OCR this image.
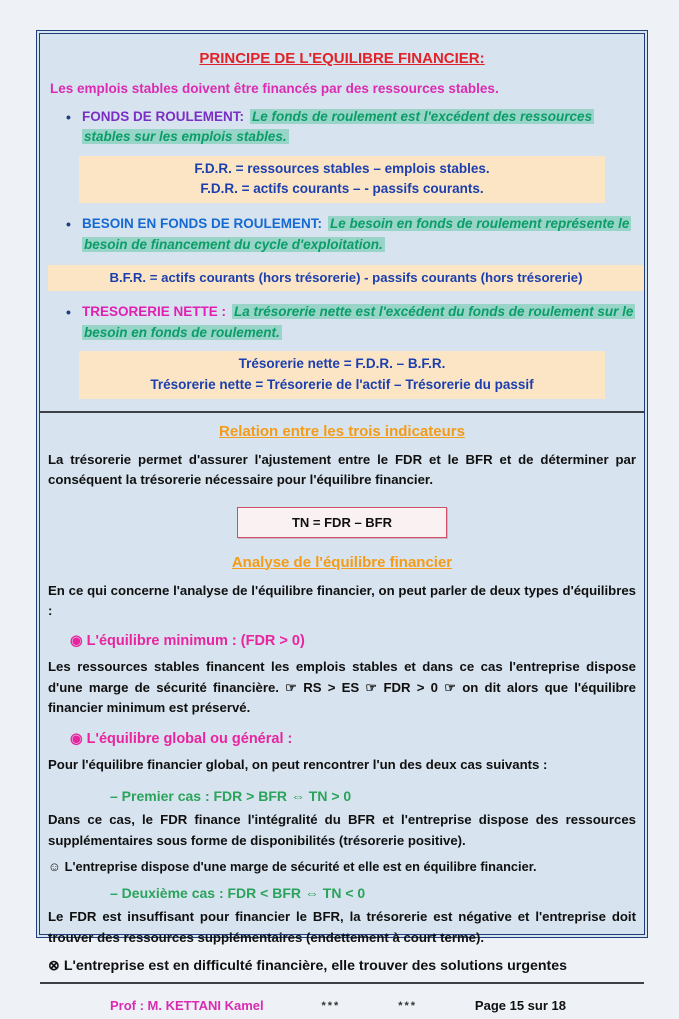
PRINCIPE DE L'EQUILIBRE FINANCIER:

Les emplois stables doivent être financés par des ressources stables.

• FONDS DE ROULEMENT: Le fonds de roulement est l'excédent des ressources stables sur les emplois stables.
F.D.R. = ressources stables – emplois stables.
F.D.R. = actifs courants – - passifs courants.
• BESOIN EN FONDS DE ROULEMENT: Le besoin en fonds de roulement représente le besoin de financement du cycle d'exploitation.
B.F.R. = actifs courants (hors trésorerie) - passifs courants (hors trésorerie)
• TRESORERIE NETTE : La trésorerie nette est l'excédent du fonds de roulement sur le besoin en fonds de roulement.
Trésorerie nette = F.D.R. – B.F.R.
Trésorerie nette = Trésorerie de l'actif – Trésorerie du passif
Relation entre les trois indicateurs

La trésorerie permet d'assurer l'ajustement entre le FDR et le BFR et de déterminer par conséquent la trésorerie nécessaire pour l'équilibre financier.

TN = FDR – BFR
Analyse de l'équilibre financier

En ce qui concerne l'analyse de l'équilibre financier, on peut parler de deux types d'équilibres :

◉ L'équilibre minimum : (FDR > 0)

Les ressources stables financent les emplois stables et dans ce cas l'entreprise dispose d'une marge de sécurité financière. ☞ RS > ES ☞ FDR > 0 ☞ on dit alors que l'équilibre financier minimum est préservé.

◉ L'équilibre global ou général :

Pour l'équilibre financier global, on peut rencontrer l'un des deux cas suivants :

– Premier cas : FDR > BFR ⇔ TN > 0

Dans ce cas, le FDR finance l'intégralité du BFR et l'entreprise dispose des ressources supplémentaires sous forme de disponibilités (trésorerie positive).

☺ L'entreprise dispose d'une marge de sécurité et elle est en équilibre financier.

– Deuxième cas : FDR < BFR ⇔ TN < 0

Le FDR est insuffisant pour financier le BFR, la trésorerie est négative et l'entreprise doit trouver des ressources supplémentaires (endettement à court terme).

⊗ L'entreprise est en difficulté financière, elle trouver des solutions urgentes

Prof : M. KETTANI Kamel	***	***	Page 15 sur 18
